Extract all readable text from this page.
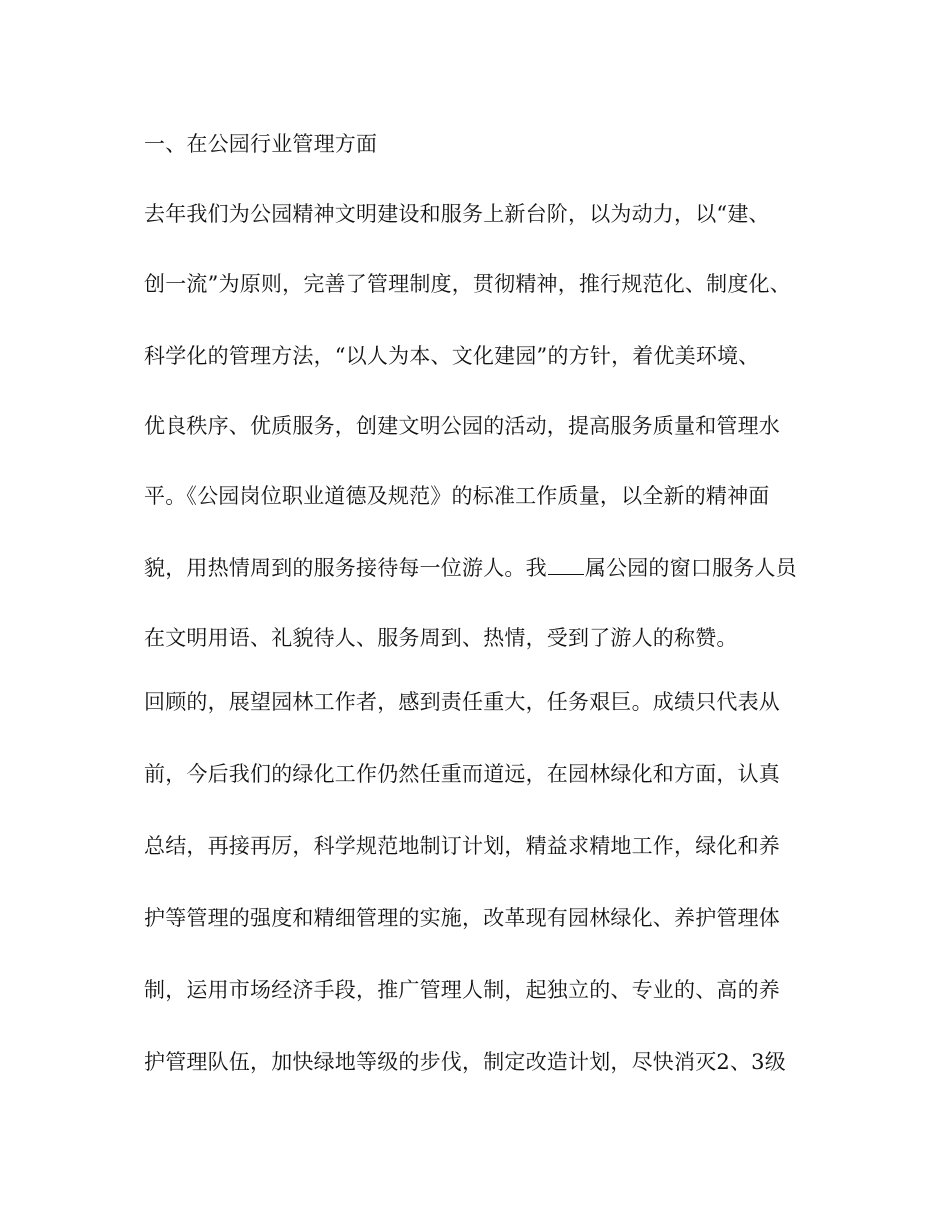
一、在公园行业管理方面
去年我们为公园精神文明建设和服务上新台阶，以为动力，以“建、
创一流”为原则，完善了管理制度，贯彻精神，推行规范化、制度化、
科学化的管理方法，“以人为本、文化建园”的方针，着优美环境、
优良秩序、优质服务，创建文明公园的活动，提高服务质量和管理水
平。《公园岗位职业道德及规范》的标准工作质量，以全新的精神面
貌，用热情周到的服务接待每一位游人。我 属公园的窗口服务人员
在文明用语、礼貌待人、服务周到、热情，受到了游人的称赞。
回顾的，展望园林工作者，感到责任重大，任务艰巨。成绩只代表从
前，今后我们的绿化工作仍然任重而道远，在园林绿化和方面，认真
总结，再接再厉，科学规范地制订计划，精益求精地工作，绿化和养
护等管理的强度和精细管理的实施，改革现有园林绿化、养护管理体
制，运用市场经济手段，推广管理人制，起独立的、专业的、高的养
护管理队伍，加快绿地等级的步伐，制定改造计划，尽快消灭2、3级
